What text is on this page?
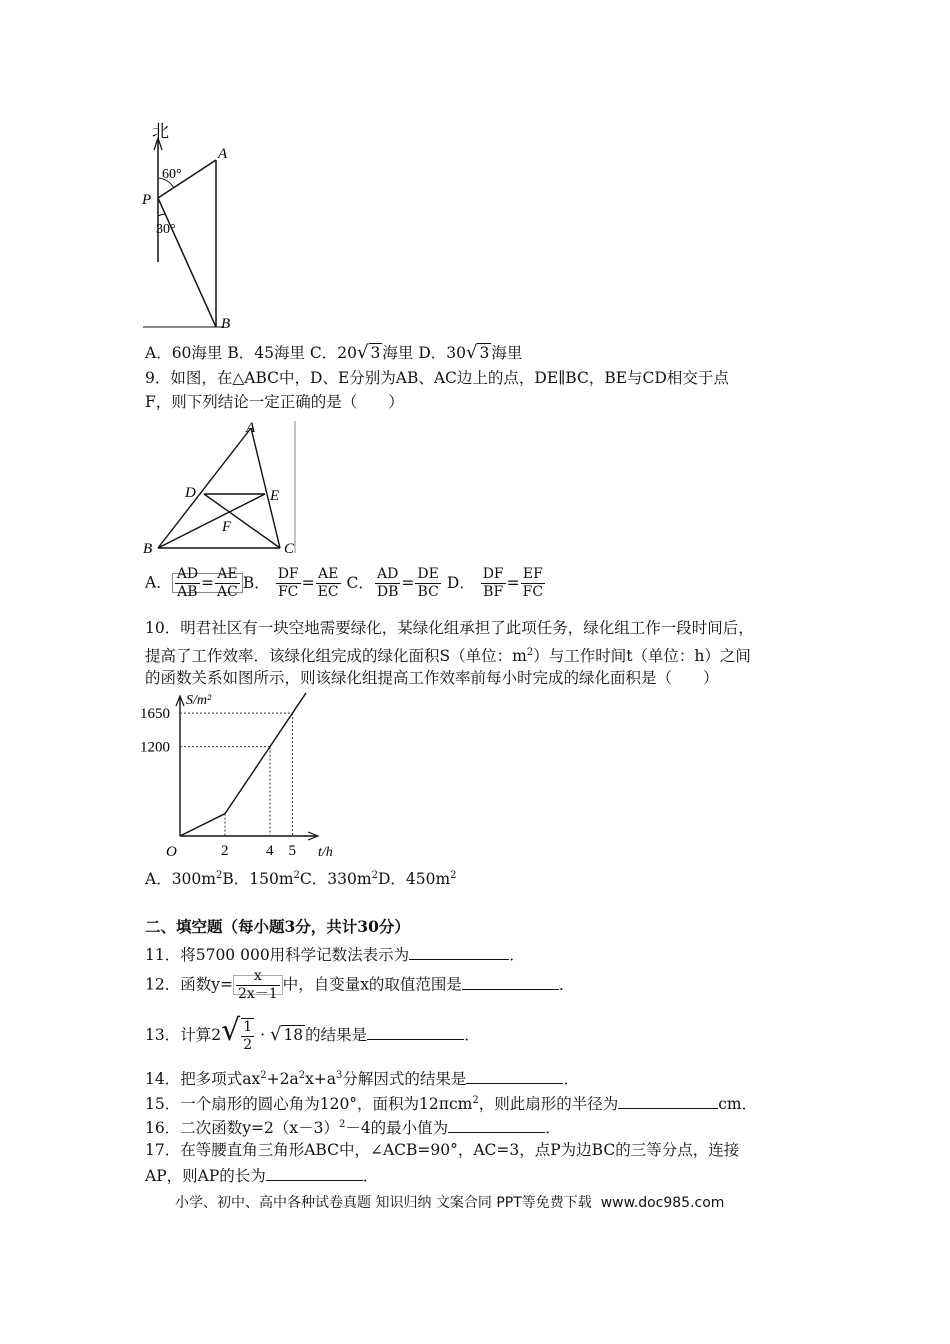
北
60°
30°
P
A
B
A．60海里 B．45海里 C．20√ 3 海里 D．30√ 3 海里
9．如图，在△ABC中，D、E分别为AB、AC边上的点，DE∥BC，BE与CD相交于点
F，则下列结论一定正确的是（　　）
A
B	C
D	E
F
A． $\frac{AD}{AB} = \frac{AE}{AC}$ B． $\frac{DF}{FC} = \frac{AE}{EC}$ C． $\frac{AD}{DB} = \frac{DE}{BC}$ D． $\frac{DF}{BF} = \frac{EF}{FC}$
10．明君社区有一块空地需要绿化，某绿化组承担了此项任务，绿化组工作一段时间后，
提高了工作效率．该绿化组完成的绿化面积S（单位：$m^2$）与工作时间t（单位：h）之间
的函数关系如图所示，则该绿化组提高工作效率前每小时完成的绿化面积是（　　）
S/m²
t/h
O	2	4 5
1200
1650
A．$300m^2B$．$150m^2C$．$330m^2D$．$450m^2$
二、填空题（每小题3分，共计30分）
11．将5700 000用科学记数法表示为	．
12．函数$y= \frac{x}{2x-1}$ 中，自变量x的取值范围是	．
13．计算$2√ \frac{1}{2}$ · √ 18 的结果是	．
14．把多项式$ax^2+2a^2x+a^3$分解因式的结果是	．
15．一个扇形的圆心角为120°，面积为12πcm$^2$，则此扇形的半径为	cm．
16．二次函数$y=2(x-3)^2-4$的最小值为	．
17．在等腰直角三角形ABC中，∠ACB=90°，AC=3，点P为边BC的三等分点，连接
AP，则AP的长为	．
小学、初中、高中各种试卷真题 知识归纳 文案合同 PPT等免费下载 www.doc985.com
